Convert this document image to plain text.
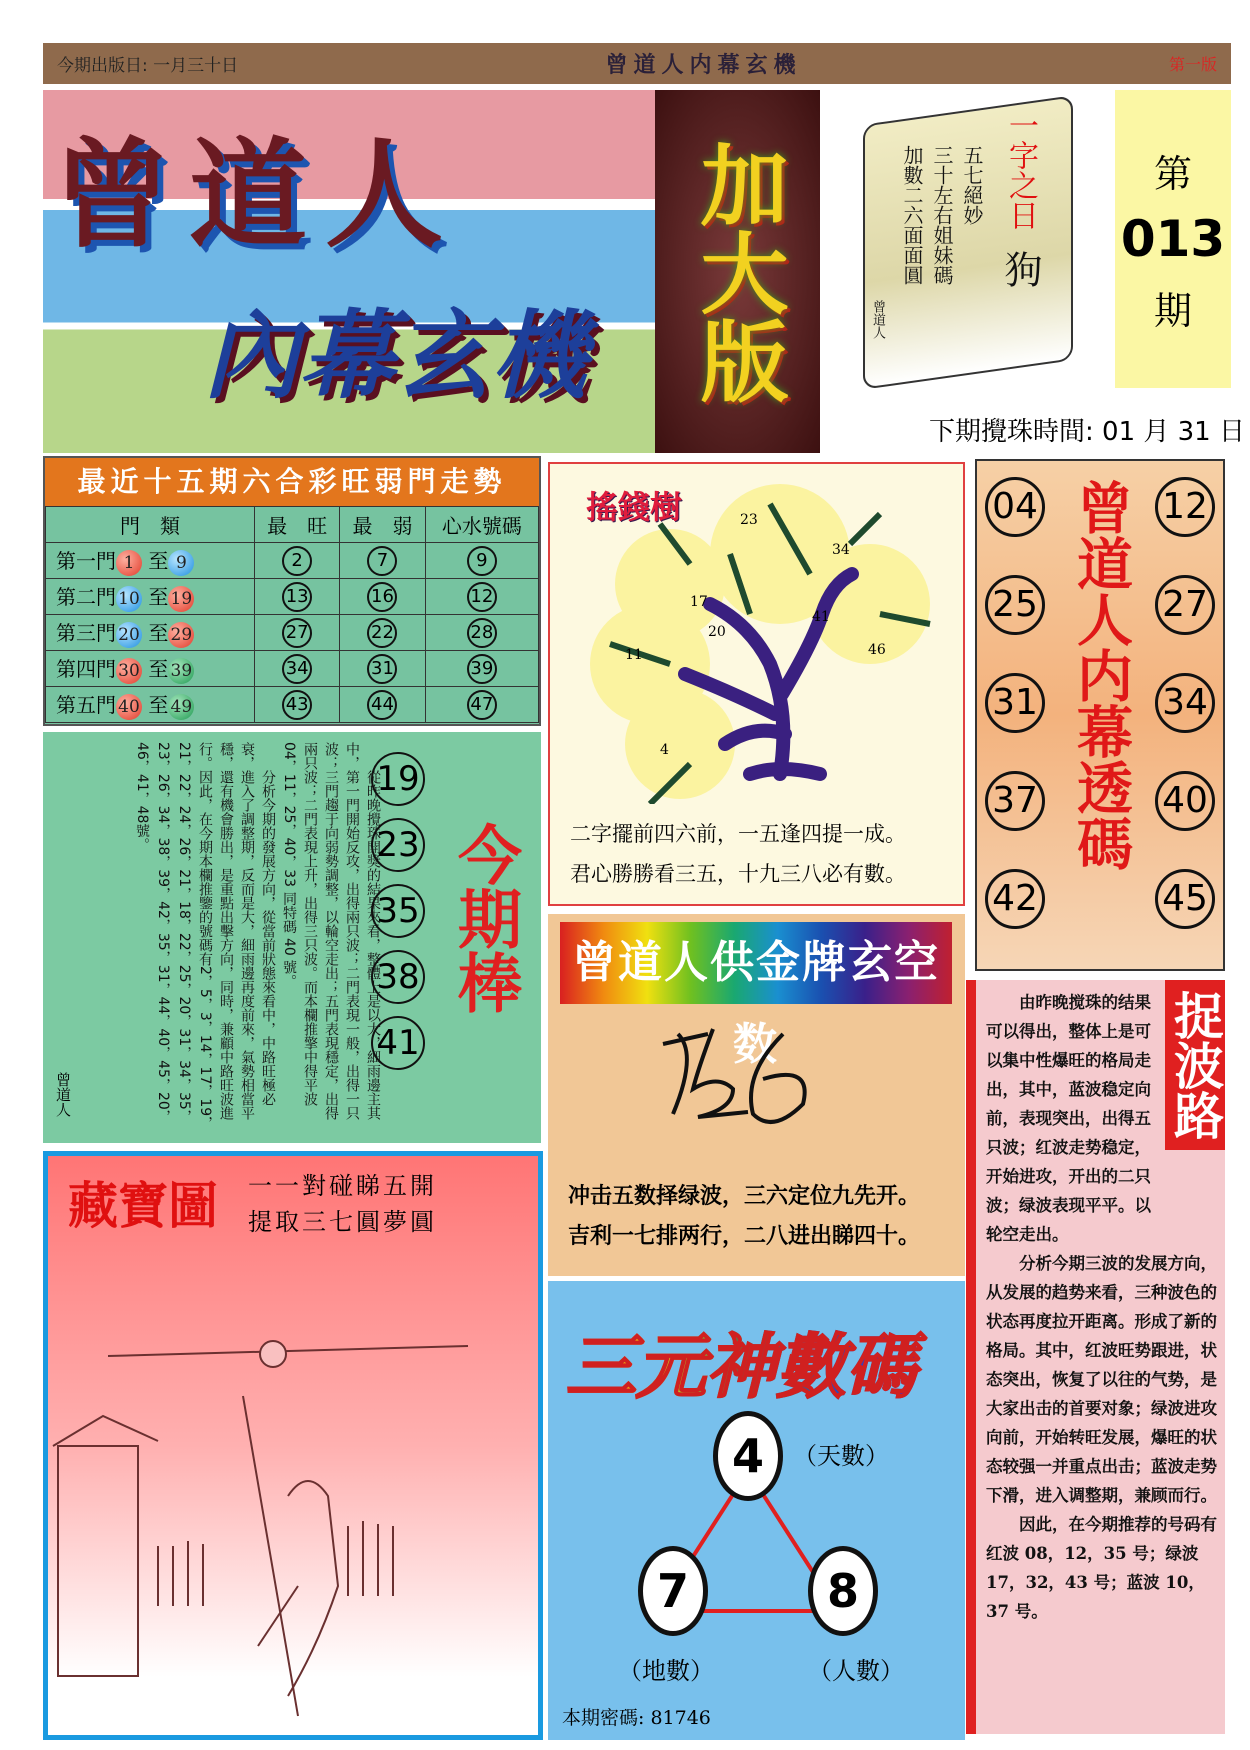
今期出版日: 一月三十日	曾道人内幕玄機	第一版
曾道人
內幕玄機	加大版	一字之日
狗
五七絕妙
三十左右姐妹碼
加數二六面面圓
曾道人
第
013
期
下期攪珠時間: 01 月 31 日
最近十五期六合彩旺弱門走勢
門　類	最　旺	最　弱	心水號碼
第一門 1 至 9	2	7	9
第二門 10 至 19	13	16	12
第三門 20 至 29	27	22	28
第四門 30 至 39	34	31	39
第五門 40 至 49	43	44	47

從昨晚攪珠開獎的結果來看，整體上是以大，細雨邊主其中，第一門開始反攻，出得兩只波；二門表現一般，出得一只波；三門趨于向弱勢調整，以輪空走出；五門表現穩定，出得兩只波；二門表現上升，出得三只波。而本欄推擎中得平波 04，11，25，40，33 同特碼 40 號。

分析今期的發展方向，從當前狀態來看中，中路旺極必衰，進入了調整期，反而是大，細雨邊再度前來，氣勢相當平穩，還有機會勝出，是重點出擊方向，同時，兼顧中路旺波進行。因此，在今期本欄推鑒的號碼有2，5，3，14，17，19，21，22，24，26，21，18，22，25，20，31，34，35，23，26，34，38，39，42，35，31，44，40，45，20，46，41，48號。

曾道人
19
23
35
38
41
今期棒
藏寶圖 一一對碰睇五開
提取三七圓夢圓
搖錢樹	23
34
17
20
41
11	46
4
二字擺前四六前，一五逢四提一成。
君心勝勝看三五，十九三八必有數。
曾道人供金牌玄空数
冲击五数择绿波，三六定位九先开。
吉利一七排两行，二八进出睇四十。
三元神數碼
4	（天數）
7
（地數）
8
（人數）
本期密碼: 81746
04
25
31
37
42
曾道人内幕透碼 12
27
34
40
45
捉波路

由昨晚搅珠的结果可以得出，整体上是可以集中性爆旺的格局走出，其中，蓝波稳定向前，表现突出，出得五只波；红波走势稳定，开始进攻，开出的二只波；绿波表现平平。以轮空走出。

分析今期三波的发展方向，从发展的趋势来看，三种波色的状态再度拉开距离。形成了新的格局。其中，红波旺势跟进，状态突出，恢复了以往的气势，是大家出击的首要对象；绿波进攻向前，开始转旺发展，爆旺的状态较强一并重点出击；蓝波走势下滑，进入调整期，兼顾而行。

因此，在今期推荐的号码有红波 08，12，35 号；绿波 17，32，43 号；蓝波 10，37 号。
